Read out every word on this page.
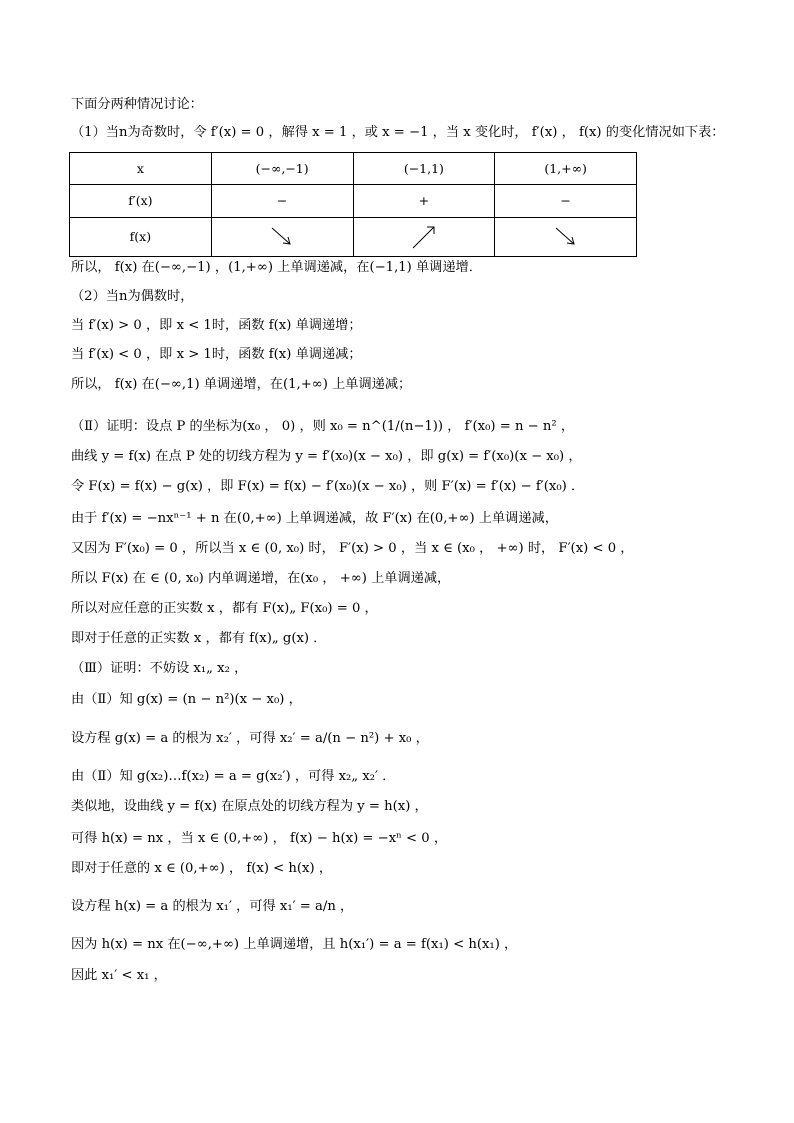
下面分两种情况讨论：
（1）当n为奇数时，令 f′(x) = 0 ，解得 x = 1 ，或 x = −1 ，当 x 变化时， f′(x) ， f(x) 的变化情况如下表：
x	(−∞,−1)	(−1,1)	(1,+∞)
f′(x)	−	+	−
f(x)	

所以， f(x) 在(−∞,−1) ，(1,+∞) 上单调递减，在(−1,1) 单调递增．
（2）当n为偶数时，
当 f′(x) > 0 ，即 x < 1时，函数 f(x) 单调递增；
当 f′(x) < 0 ，即 x > 1时，函数 f(x) 单调递减；
所以， f(x) 在(−∞,1) 单调递增，在(1,+∞) 上单调递减；
（Ⅱ）证明：设点 P 的坐标为(x₀ ， 0) ，则 x₀ = n^(1/(n−1)) ， f′(x₀) = n − n² ，
曲线 y = f(x) 在点 P 处的切线方程为 y = f′(x₀)(x − x₀) ，即 g(x) = f′(x₀)(x − x₀) ，
令 F(x) = f(x) − g(x) ，即 F(x) = f(x) − f′(x₀)(x − x₀) ，则 F′(x) = f′(x) − f′(x₀) ．
由于 f′(x) = −nxⁿ⁻¹ + n 在(0,+∞) 上单调递减，故 F′(x) 在(0,+∞) 上单调递减，
又因为 F′(x₀) = 0 ，所以当 x ∈ (0, x₀) 时， F′(x) > 0 ，当 x ∈ (x₀ ， +∞) 时， F′(x) < 0 ，
所以 F(x) 在 ∈ (0, x₀) 内单调递增，在(x₀ ， +∞) 上单调递减，
所以对应任意的正实数 x ，都有 F(x)„ F(x₀) = 0 ，
即对于任意的正实数 x ，都有 f(x)„ g(x) ．
（Ⅲ）证明：不妨设 x₁„ x₂ ，
由（Ⅱ）知 g(x) = (n − n²)(x − x₀) ，
设方程 g(x) = a 的根为 x₂′ ，可得 x₂′ = a/(n − n²) + x₀ ，
由（Ⅱ）知 g(x₂)…f(x₂) = a = g(x₂′) ，可得 x₂„ x₂′ ．
类似地，设曲线 y = f(x) 在原点处的切线方程为 y = h(x) ，
可得 h(x) = nx ，当 x ∈ (0,+∞) ， f(x) − h(x) = −xⁿ < 0 ，
即对于任意的 x ∈ (0,+∞) ， f(x) < h(x) ，
设方程 h(x) = a 的根为 x₁′ ，可得 x₁′ = a/n ，
因为 h(x) = nx 在(−∞,+∞) 上单调递增，且 h(x₁′) = a = f(x₁) < h(x₁) ，
因此 x₁′ < x₁ ，
